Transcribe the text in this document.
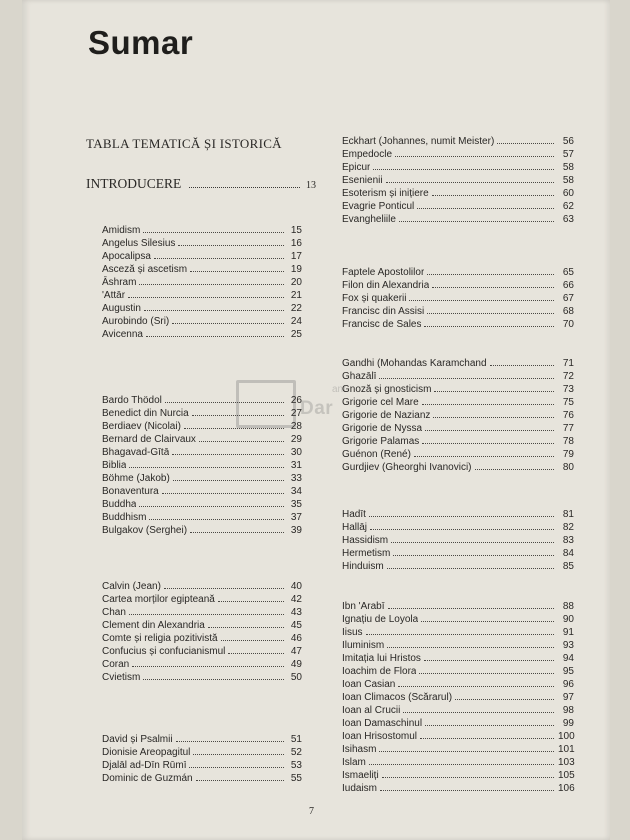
ant
Dar
Sumar
TABLA TEMATICĂ ȘI ISTORICĂ
INTRODUCERE	13
Amidism	15
Angelus Silesius	16
Apocalipsa	17
Asceză și ascetism	19
Āshram	20
'Attār	21
Augustin	22
Aurobindo (Sri)	24
Avicenna	25
Bardo Thödol	26
Benedict din Nurcia	27
Berdiaev (Nicolai)	28
Bernard de Clairvaux	29
Bhagavad-Gītā	30
Biblia	31
Böhme (Jakob)	33
Bonaventura	34
Buddha	35
Buddhism	37
Bulgakov (Serghei)	39
Calvin (Jean)	40
Cartea morților egipteană	42
Chan	43
Clement din Alexandria	45
Comte și religia pozitivistă	46
Confucius și confucianismul	47
Coran	49
Cvietism	50
David și Psalmii	51
Dionisie Areopagitul	52
Djalāl ad-Dīn Rūmī	53
Dominic de Guzmán	55
Eckhart (Johannes, numit Meister)	56
Empedocle	57
Epicur	58
Esenienii	58
Esoterism și inițiere	60
Evagrie Ponticul	62
Evangheliile	63
Faptele Apostolilor	65
Filon din Alexandria	66
Fox și quakerii	67
Francisc din Assisi	68
Francisc de Sales	70
Gandhi (Mohandas Karamchand	71
Ghazālī	72
Gnoză și gnosticism	73
Grigorie cel Mare	75
Grigorie de Nazianz	76
Grigorie de Nyssa	77
Grigorie Palamas	78
Guénon (René)	79
Gurdjiev (Gheorghi Ivanovici)	80
Hadīt	81
Hallāj	82
Hassidism	83
Hermetism	84
Hinduism	85
Ibn 'Arabī	88
Ignațiu de Loyola	90
Iisus	91
Iluminism	93
Imitația lui Hristos	94
Ioachim de Flora	95
Ioan Casian	96
Ioan Climacos (Scărarul)	97
Ioan al Crucii	98
Ioan Damaschinul	99
Ioan Hrisostomul	100
Isihasm	101
Islam	103
Ismaeliți	105
Iudaism	106
7
